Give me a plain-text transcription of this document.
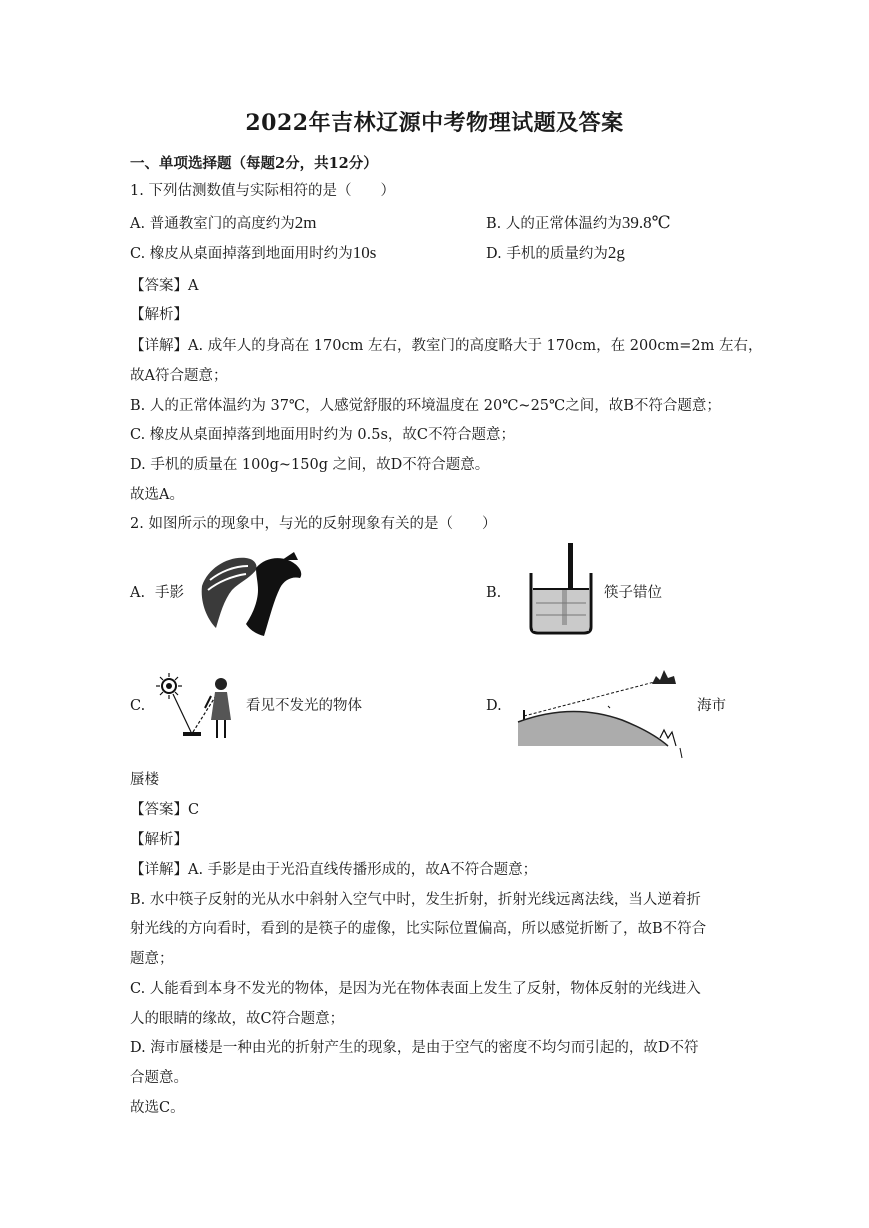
2022年吉林辽源中考物理试题及答案
一、单项选择题（每题2分，共12分）
1. 下列估测数值与实际相符的是（　　）
A. 普通教室门的高度约为2m	B. 人的正常体温约为39.8℃
C. 橡皮从桌面掉落到地面用时约为10s	D. 手机的质量约为2g
【答案】A
【解析】
【详解】A. 成年人的身高在 170cm 左右，教室门的高度略大于 170cm，在 200cm=2m 左右，
故A符合题意；
B. 人的正常体温约为 37℃，人感觉舒服的环境温度在 20℃~25℃之间，故B不符合题意；
C. 橡皮从桌面掉落到地面用时约为 0.5s，故C不符合题意；
D. 手机的质量在 100g~150g 之间，故D不符合题意。
故选A。
2. 如图所示的现象中，与光的反射现象有关的是（　　）
A. 手影	B.	筷子错位
C.	看见不发光的物体	D.	海市
蜃楼
【答案】C
【解析】
【详解】A. 手影是由于光沿直线传播形成的，故A不符合题意；
B. 水中筷子反射的光从水中斜射入空气中时，发生折射，折射光线远离法线，当人逆着折
射光线的方向看时，看到的是筷子的虚像，比实际位置偏高，所以感觉折断了，故B不符合
题意；
C. 人能看到本身不发光的物体，是因为光在物体表面上发生了反射，物体反射的光线进入
人的眼睛的缘故，故C符合题意；
D. 海市蜃楼是一种由光的折射产生的现象，是由于空气的密度不均匀而引起的，故D不符
合题意。
故选C。
